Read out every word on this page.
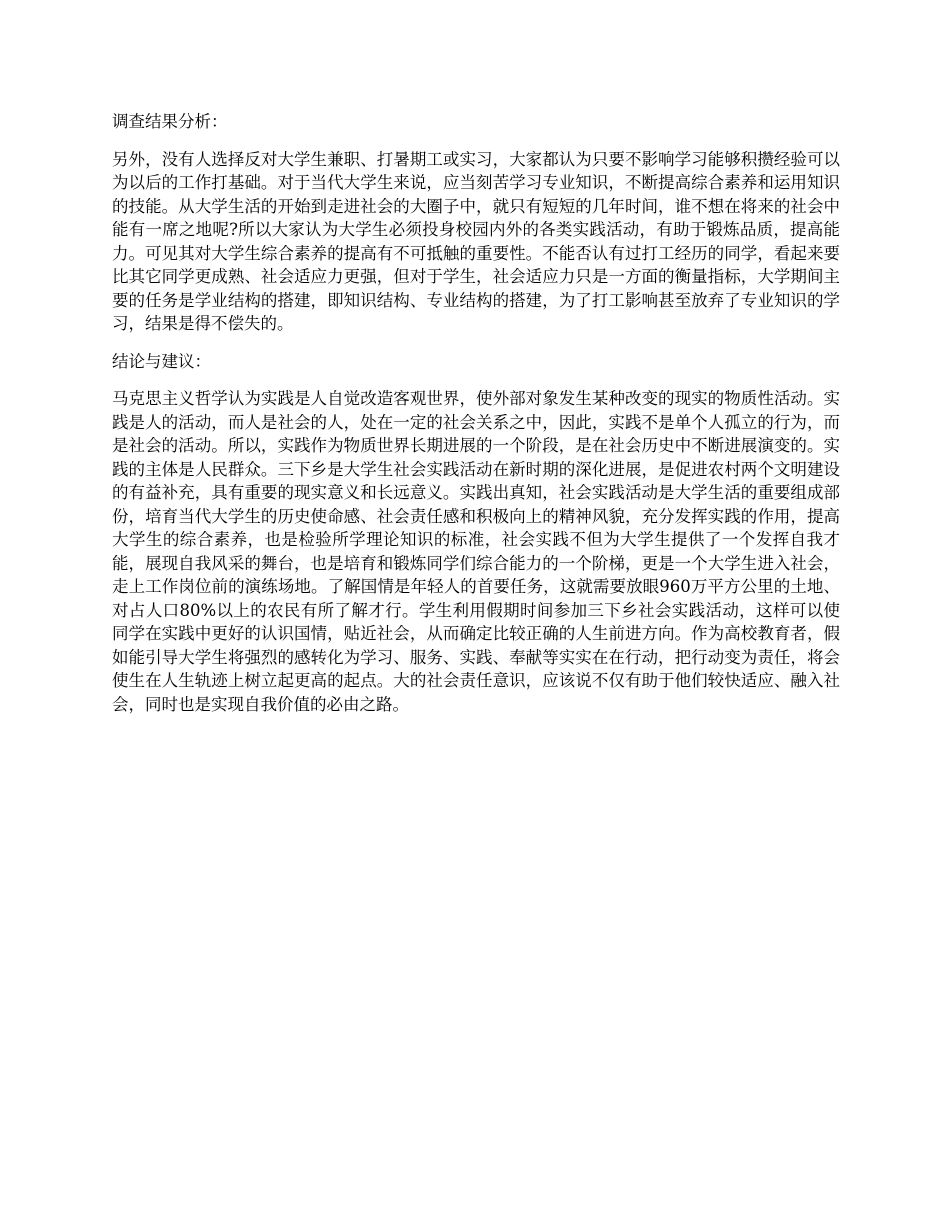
调查结果分析：

另外，没有人选择反对大学生兼职、打暑期工或实习，大家都认为只要不影响学习能够积攒经验可以为以后的工作打基础。对于当代大学生来说，应当刻苦学习专业知识，不断提高综合素养和运用知识的技能。从大学生活的开始到走进社会的大圈子中，就只有短短的几年时间，谁不想在将来的社会中能有一席之地呢?所以大家认为大学生必须投身校园内外的各类实践活动，有助于锻炼品质，提高能力。可见其对大学生综合素养的提高有不可抵触的重要性。不能否认有过打工经历的同学，看起来要比其它同学更成熟、社会适应力更强，但对于学生，社会适应力只是一方面的衡量指标，大学期间主要的任务是学业结构的搭建，即知识结构、专业结构的搭建，为了打工影响甚至放弃了专业知识的学习，结果是得不偿失的。

结论与建议：

马克思主义哲学认为实践是人自觉改造客观世界，使外部对象发生某种改变的现实的物质性活动。实践是人的活动，而人是社会的人，处在一定的社会关系之中，因此，实践不是单个人孤立的行为，而是社会的活动。所以，实践作为物质世界长期进展的一个阶段，是在社会历史中不断进展演变的。实践的主体是人民群众。三下乡是大学生社会实践活动在新时期的深化进展，是促进农村两个文明建设的有益补充，具有重要的现实意义和长远意义。实践出真知，社会实践活动是大学生活的重要组成部份，培育当代大学生的历史使命感、社会责任感和积极向上的精神风貌，充分发挥实践的作用，提高大学生的综合素养，也是检验所学理论知识的标准，社会实践不但为大学生提供了一个发挥自我才能，展现自我风采的舞台，也是培育和锻炼同学们综合能力的一个阶梯，更是一个大学生进入社会，走上工作岗位前的演练场地。了解国情是年轻人的首要任务，这就需要放眼960万平方公里的土地、对占人口80%以上的农民有所了解才行。学生利用假期时间参加三下乡社会实践活动，这样可以使同学在实践中更好的认识国情，贴近社会，从而确定比较正确的人生前进方向。作为高校教育者，假如能引导大学生将强烈的感转化为学习、服务、实践、奉献等实实在在行动，把行动变为责任，将会使生在人生轨迹上树立起更高的起点。大的社会责任意识，应该说不仅有助于他们较快适应、融入社会，同时也是实现自我价值的必由之路。
